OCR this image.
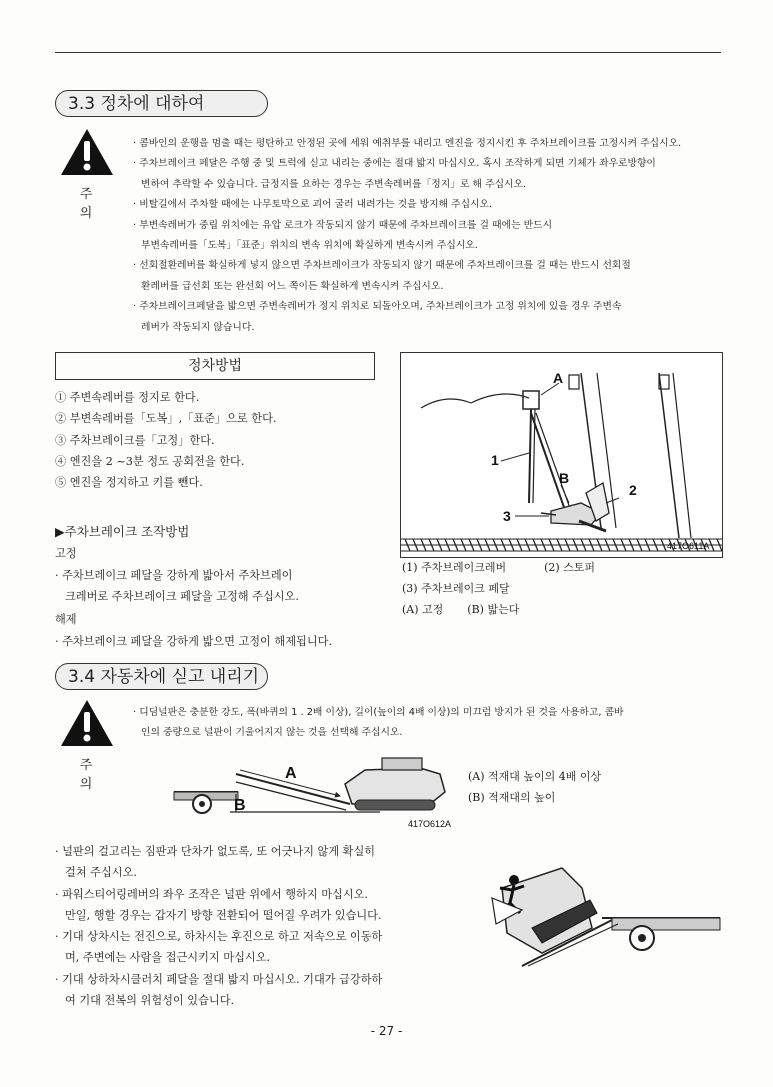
3.3 정차에 대하여
주 의
· 콤바인의 운행을 멈출 때는 평탄하고 안정된 곳에 세워 예취부를 내리고 엔진을 정지시킨 후 주차브레이크를 고정시켜 주십시오.
· 주차브레이크 페달은 주행 중 및 트럭에 싣고 내리는 중에는 절대 밟지 마십시오. 혹시 조작하게 되면 기체가 좌우로방향이
변하여 추락할 수 있습니다. 급정지를 요하는 경우는 주변속레버를「정지」로 해 주십시오.
· 비탈길에서 주차할 때에는 나무토막으로 괴어 굴러 내려가는 것을 방지해 주십시오.
· 부변속레버가 중립 위치에는 유압 로크가 작동되지 않기 때문에 주차브레이크를 걸 때에는 반드시
부변속레버를「도복」「표준」위치의 변속 위치에 확실하게 변속시켜 주십시오.
· 선회절환레버를 확실하게 넣지 않으면 주차브레이크가 작동되지 않기 때문에 주차브레이크를 걸 때는 반드시 선회절
환레버를 급선회 또는 완선회 어느 쪽이든 확실하게 변속시켜 주십시오.
· 주차브레이크페달을 밟으면 주변속레버가 정지 위치로 되돌아오며, 주차브레이크가 고정 위치에 있을 경우 주변속
레버가 작동되지 않습니다.
정차방법
① 주변속레버를 정지로 한다.
② 부변속레버를「도복」,「표준」으로 한다.
③ 주차브레이크를「고정」한다.
④ 엔진을 2 ~3분 정도 공회전을 한다.
⑤ 엔진을 정지하고 키를 뺀다.
▶주차브레이크 조작방법
고정
· 주차브레이크 페달을 강하게 밟아서 주차브레이
크레버로 주차브레이크 페달을 고정해 주십시오.
해제
· 주차브레이크 페달을 강하게 밟으면 고정이 해제됩니다.
A
1
B
2
3
417O611A
(1) 주차브레이크레버	(2) 스토퍼
(3) 주차브레이크 페달
(A) 고정 (B) 밟는다
3.4 자동차에 싣고 내리기
주 의
· 디딤널판은 충분한 강도, 폭(바퀴의 1 . 2배 이상), 길이(높이의 4배 이상)의 미끄럼 방지가 된 것을 사용하고, 콤바
인의 중량으로 널판이 기울어지지 않는 것을 선택해 주십시오.
A
B
417O612A
(A) 적재대 높이의 4배 이상
(B) 적재대의 높이
· 널판의 걸고리는 짐판과 단차가 없도록, 또 어긋나지 않게 확실히
걸쳐 주십시오.
· 파워스티어링레버의 좌우 조작은 널판 위에서 행하지 마십시오.
만일, 행할 경우는 갑자기 방향 전환되어 떨어질 우려가 있습니다.
· 기대 상차시는 전진으로, 하차시는 후진으로 하고 저속으로 이동하
며, 주변에는 사람을 접근시키지 마십시오.
· 기대 상하차시클러치 페달을 절대 밟지 마십시오. 기대가 급강하하
여 기대 전복의 위험성이 있습니다.
- 27 -
